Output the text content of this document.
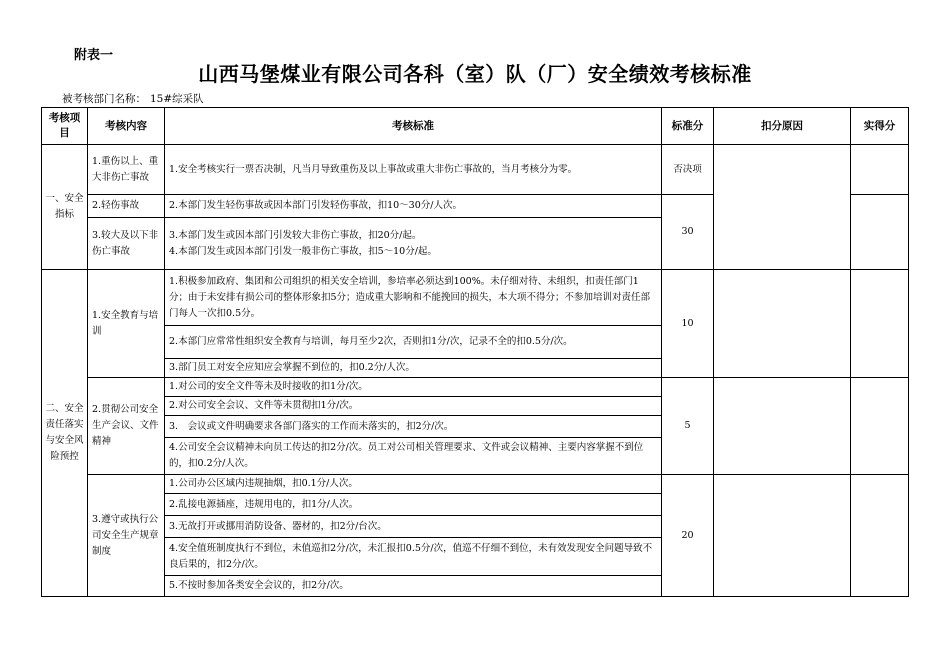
附表一
山西马堡煤业有限公司各科（室）队（厂）安全绩效考核标准
被考核部门名称： 15#综采队
考核项目	考核内容	考核标准	标准分	扣分原因	实得分
一、安全指标	1.重伤以上、重大非伤亡事故	1.安全考核实行一票否决制，凡当月导致重伤及以上事故或重大非伤亡事故的，当月考核分为零。	否决项		
	2.轻伤事故	2.本部门发生轻伤事故或因本部门引发轻伤事故，扣10～30分/人次。	30		
	3.较大及以下非伤亡事故	3.本部门发生或因本部门引发较大非伤亡事故，扣20分/起。			
		4.本部门发生或因本部门引发一般非伤亡事故，扣5～10分/起。			
二、安全责任落实与安全风险预控	1.安全教育与培训	1.积极参加政府、集团和公司组织的相关安全培训，参培率必须达到100%。未仔细对待、未组织，扣责任部门1分；由于未安排有损公司的整体形象扣5分；造成重大影响和不能挽回的损失，本大项不得分；不参加培训对责任部门每人一次扣0.5分。	10		
		2.本部门应常常性组织安全教育与培训，每月至少2次，否则扣1分/次，记录不全的扣0.5分/次。			
		3.部门员工对安全应知应会掌握不到位的，扣0.2分/人次。			
	2.贯彻公司安全生产会议、文件精神	1.对公司的安全文件等未及时接收的扣1分/次。	5		
		2.对公司安全会议、文件等未贯彻扣1分/次。			
		3.　会议或文件明确要求各部门落实的工作而未落实的，扣2分/次。			
		4.公司安全会议精神未向员工传达的扣2分/次。员工对公司相关管理要求、文件或会议精神、主要内容掌握不到位的，扣0.2分/人次。			
	3.遵守或执行公司安全生产规章制度	1.公司办公区域内违规抽烟，扣0.1分/人次。	20		
		2.乱接电源插座，违规用电的，扣1分/人次。			
		3.无故打开或挪用消防设备、器材的，扣2分/台次。			
		4.安全值班制度执行不到位，未值巡扣2分/次，未汇报扣0.5分/次，值巡不仔细不到位，未有效发现安全问题导致不良后果的，扣2分/次。			
		5.不按时参加各类安全会议的，扣2分/次。			
